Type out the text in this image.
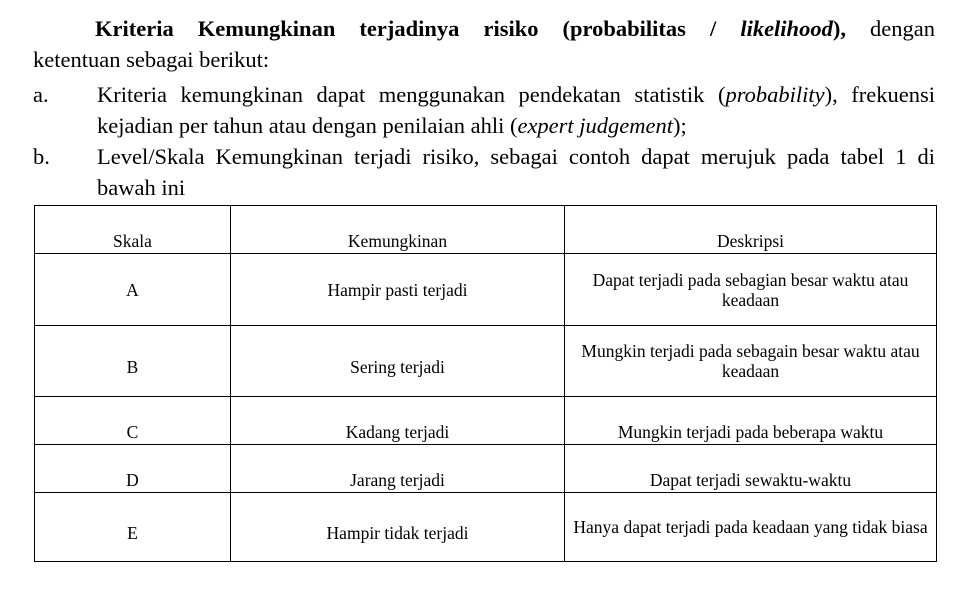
Kriteria Kemungkinan terjadinya risiko (probabilitas / likelihood), dengan
ketentuan sebagai berikut:
a. Kriteria kemungkinan dapat menggunakan pendekatan statistik (probability), frekuensi
kejadian per tahun atau dengan penilaian ahli (expert judgement);
b. Level/Skala Kemungkinan terjadi risiko, sebagai contoh dapat merujuk pada tabel 1 di
bawah ini
Skala	Kemungkinan	Deskripsi
A	Hampir pasti terjadi	Dapat terjadi pada sebagian besar waktu atau keadaan
B	Sering terjadi	Mungkin terjadi pada sebagain besar waktu atau keadaan
C	Kadang terjadi	Mungkin terjadi pada beberapa waktu
D	Jarang terjadi	Dapat terjadi sewaktu-waktu
E	Hampir tidak terjadi	Hanya dapat terjadi pada keadaan yang tidak biasa
